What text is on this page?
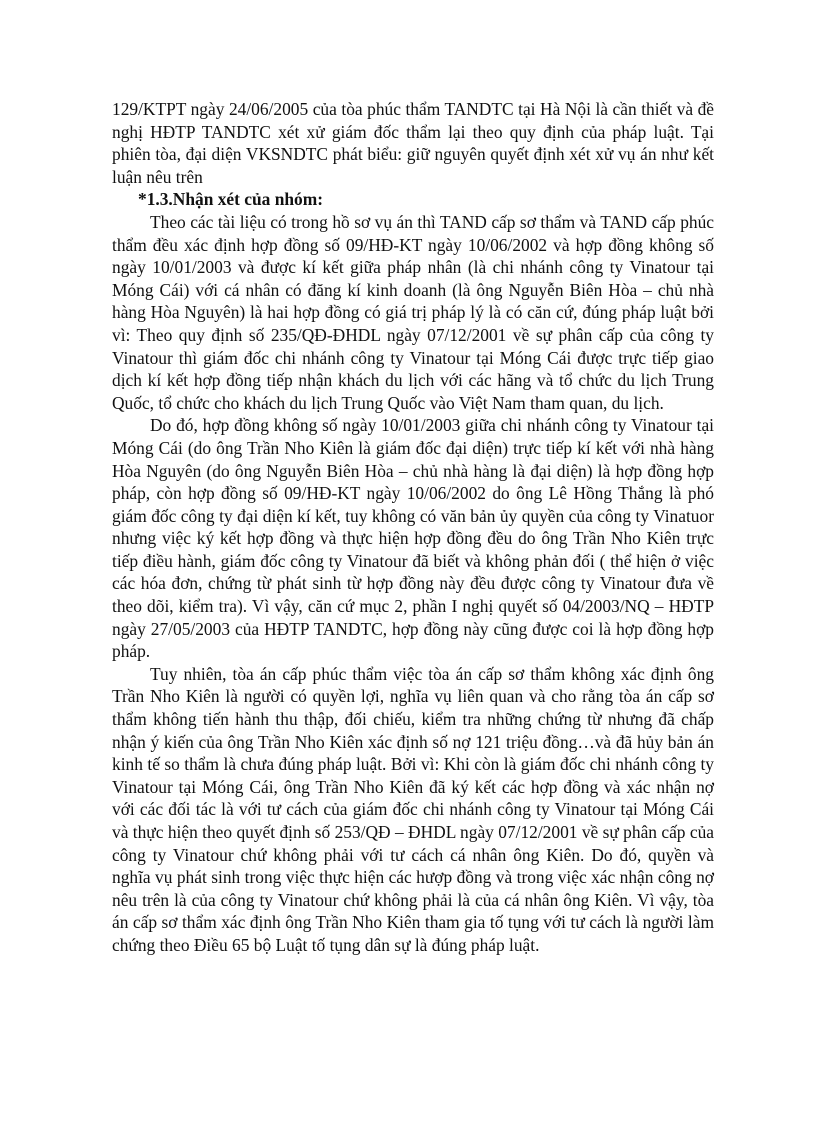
129/KTPT ngày 24/06/2005 của tòa phúc thẩm TANDTC tại Hà Nội là cần thiết và đề nghị HĐTP TANDTC xét xử giám đốc thẩm lại theo quy định của pháp luật. Tại phiên tòa, đại diện VKSNDTC phát biểu: giữ nguyên quyết định xét xử vụ án như kết luận nêu trên

*1.3.Nhận xét của nhóm:

Theo các tài liệu có trong hồ sơ vụ án thì TAND cấp sơ thẩm và TAND cấp phúc thẩm đều xác định hợp đồng số 09/HĐ-KT ngày 10/06/2002 và hợp đồng không số ngày 10/01/2003 và được kí kết giữa pháp nhân (là chi nhánh công ty Vinatour tại Móng Cái) với cá nhân có đăng kí kinh doanh (là ông Nguyễn Biên Hòa – chủ nhà hàng Hòa Nguyên) là hai hợp đồng có giá trị pháp lý là có căn cứ, đúng pháp luật bởi vì: Theo quy định số 235/QĐ-ĐHDL ngày 07/12/2001 về sự phân cấp của công ty Vinatour thì giám đốc chi nhánh công ty Vinatour tại Móng Cái được trực tiếp giao dịch kí kết hợp đồng tiếp nhận khách du lịch với các hãng và tổ chức du lịch Trung Quốc, tổ chức cho khách du lịch Trung Quốc vào Việt Nam tham quan, du lịch.

Do đó, hợp đồng không số ngày 10/01/2003 giữa chi nhánh công ty Vinatour tại Móng Cái (do ông Trần Nho Kiên là giám đốc đại diện) trực tiếp kí kết với nhà hàng Hòa Nguyên (do ông Nguyễn Biên Hòa – chủ nhà hàng là đại diện) là hợp đồng hợp pháp, còn hợp đồng số 09/HĐ-KT ngày 10/06/2002 do ông Lê Hồng Thắng là phó giám đốc công ty đại diện kí kết, tuy không có văn bản ủy quyền của công ty Vinatuor nhưng việc ký kết hợp đồng và thực hiện hợp đồng đều do ông Trần Nho Kiên trực tiếp điều hành, giám đốc công ty Vinatour đã biết và không phản đối ( thể hiện ở việc các hóa đơn, chứng từ phát sinh từ hợp đồng này đều được công ty Vinatour đưa về theo dõi, kiểm tra). Vì vậy, căn cứ mục 2, phần I nghị quyết số 04/2003/NQ – HĐTP ngày 27/05/2003 của HĐTP TANDTC, hợp đồng này cũng được coi là hợp đồng hợp pháp.

Tuy nhiên, tòa án cấp phúc thẩm việc tòa án cấp sơ thẩm không xác định ông Trần Nho Kiên là người có quyền lợi, nghĩa vụ liên quan và cho rằng tòa án cấp sơ thẩm không tiến hành thu thập, đối chiếu, kiểm tra những chứng từ nhưng đã chấp nhận ý kiến của ông Trần Nho Kiên xác định số nợ 121 triệu đồng…và đã hủy bản án kinh tế so thẩm là chưa đúng pháp luật. Bởi vì: Khi còn là giám đốc chi nhánh công ty Vinatour tại Móng Cái, ông Trần Nho Kiên đã ký kết các hợp đồng và xác nhận nợ với các đối tác là với tư cách của giám đốc chi nhánh công ty Vinatour tại Móng Cái và thực hiện theo quyết định số 253/QĐ – ĐHDL ngày 07/12/2001 về sự phân cấp của công ty Vinatour chứ không phải với tư cách cá nhân ông Kiên. Do đó, quyền và nghĩa vụ phát sinh trong việc thực hiện các hượp đồng và trong việc xác nhận công nợ nêu trên là của công ty Vinatour chứ không phải là của cá nhân ông Kiên. Vì vậy, tòa án cấp sơ thẩm xác định ông Trần Nho Kiên tham gia tố tụng với tư cách là người làm chứng theo Điều 65 bộ Luật tố tụng dân sự là đúng pháp luật.
